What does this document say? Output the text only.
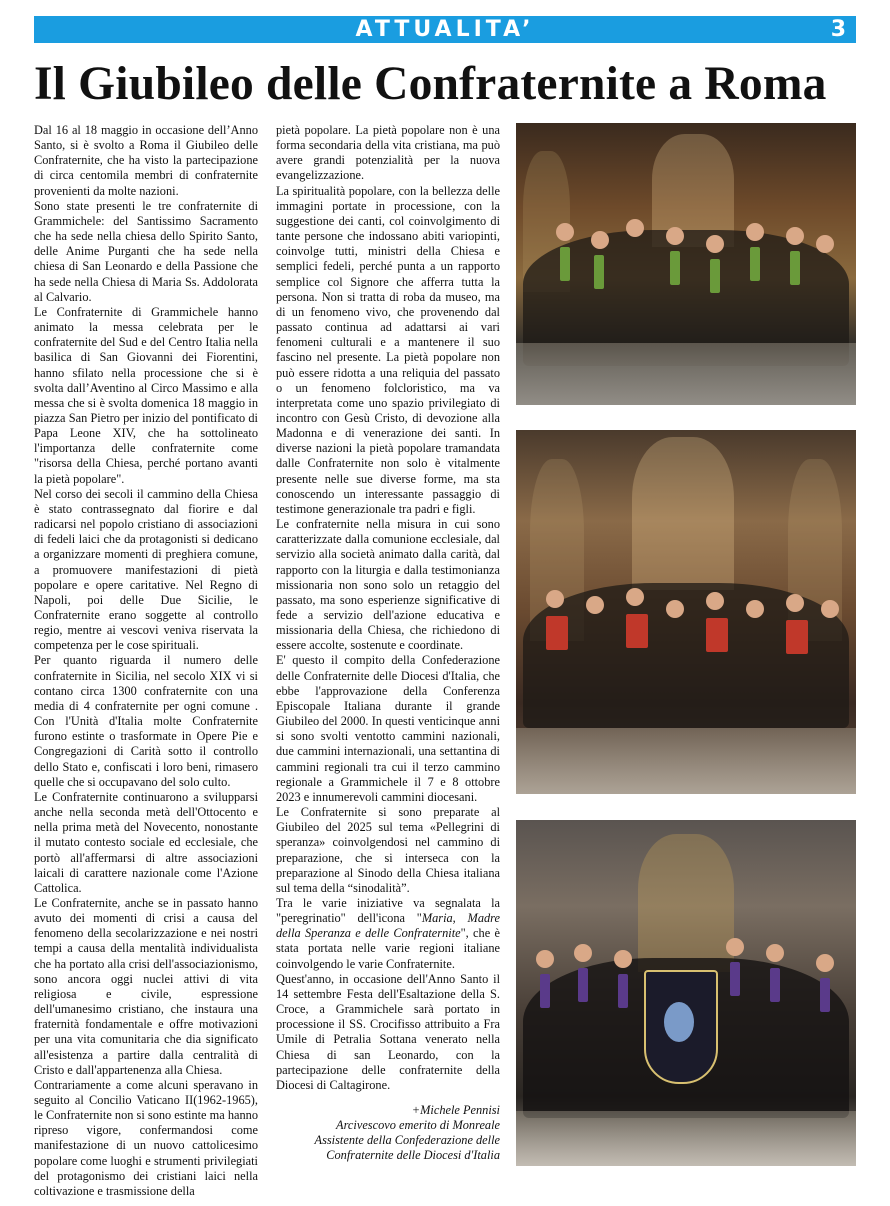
ATTUALITA’	3
Il Giubileo delle Confraternite a Roma

Dal 16 al 18 maggio in occasione dell’Anno Santo, si è svolto a Roma il Giubileo delle Confraternite, che ha visto la partecipazione di circa centomila membri di confraternite provenienti da molte nazioni.

Sono state presenti le tre confraternite di Grammichele: del Santissimo Sacramento che ha sede nella chiesa dello Spirito Santo, delle Anime Purganti che ha sede nella chiesa di San Leonardo e della Passione che ha sede nella Chiesa di Maria Ss. Addolorata al Calvario.

Le Confraternite di Grammichele hanno animato la messa celebrata per le confraternite del Sud e del Centro Italia nella basilica di San Giovanni dei Fiorentini, hanno sfilato nella processione che si è svolta dall’Aventino al Circo Massimo e alla messa che si è svolta domenica 18 maggio in piazza San Pietro per inizio del pontificato di Papa Leone XIV, che ha sottolineato l'importanza delle confraternite come "risorsa della Chiesa, perché portano avanti la pietà popolare".

Nel corso dei secoli il cammino della Chiesa è stato contrassegnato dal fiorire e dal radicarsi nel popolo cristiano di associazioni di fedeli laici che da protagonisti si dedicano a organizzare momenti di preghiera comune, a promuovere manifestazioni di pietà popolare e opere caritative. Nel Regno di Napoli, poi delle Due Sicilie, le Confraternite erano soggette al controllo regio, mentre ai vescovi veniva riservata la competenza per le cose spirituali.

Per quanto riguarda il numero delle confraternite in Sicilia, nel secolo XIX vi si contano circa 1300 confraternite con una media di 4 confraternite per ogni comune . Con l'Unità d'Italia molte Confraternite furono estinte o trasformate in Opere Pie e Congregazioni di Carità sotto il controllo dello Stato e, confiscati i loro beni, rimasero quelle che si occupavano del solo culto.

Le Confraternite continuarono a svilupparsi anche nella seconda metà dell'Ottocento e nella prima metà del Novecento, nonostante il mutato contesto sociale ed ecclesiale, che portò all'affermarsi di altre associazioni laicali di carattere nazionale come l'Azione Cattolica.

Le Confraternite, anche se in passato hanno avuto dei momenti di crisi a causa del fenomeno della secolarizzazione e nei nostri tempi a causa della mentalità individualista che ha portato alla crisi dell'associazionismo, sono ancora oggi nuclei attivi di vita religiosa e civile, espressione dell'umanesimo cristiano, che instaura una fraternità fondamentale e offre motivazioni per una vita comunitaria che dia significato all'esistenza a partire dalla centralità di Cristo e dall'appartenenza alla Chiesa.

Contrariamente a come alcuni speravano in seguito al Concilio Vaticano II(1962-1965), le Confraternite non si sono estinte ma hanno ripreso vigore, confermandosi come manifestazione di un nuovo cattolicesimo popolare come luoghi e strumenti privilegiati del protagonismo dei cristiani laici nella coltivazione e trasmissione della

pietà popolare. La pietà popolare non è una forma secondaria della vita cristiana, ma può avere grandi potenzialità per la nuova evangelizzazione.

La spiritualità popolare, con la bellezza delle immagini portate in processione, con la suggestione dei canti, col coinvolgimento di tante persone che indossano abiti variopinti, coinvolge tutti, ministri della Chiesa e semplici fedeli, perché punta a un rapporto semplice col Signore che afferra tutta la persona. Non si tratta di roba da museo, ma di un fenomeno vivo, che provenendo dal passato continua ad adattarsi ai vari fenomeni culturali e a mantenere il suo fascino nel presente. La pietà popolare non può essere ridotta a una reliquia del passato o un fenomeno folcloristico, ma va interpretata come uno spazio privilegiato di incontro con Gesù Cristo, di devozione alla Madonna e di venerazione dei santi. In diverse nazioni la pietà popolare tramandata dalle Confraternite non solo è vitalmente presente nelle sue diverse forme, ma sta conoscendo un interessante passaggio di testimone generazionale tra padri e figli.

Le confraternite nella misura in cui sono caratterizzate dalla comunione ecclesiale, dal servizio alla società animato dalla carità, dal rapporto con la liturgia e dalla testimonianza missionaria non sono solo un retaggio del passato, ma sono esperienze significative di fede a servizio dell'azione educativa e missionaria della Chiesa, che richiedono di essere accolte, sostenute e coordinate.

E' questo il compito della Confederazione delle Confraternite delle Diocesi d'Italia, che ebbe l'approvazione della Conferenza Episcopale Italiana durante il grande Giubileo del 2000. In questi venticinque anni si sono svolti ventotto cammini nazionali, due cammini internazionali, una settantina di cammini regionali tra cui il terzo cammino regionale a Grammichele il 7 e 8 ottobre 2023 e innumerevoli cammini diocesani.

Le Confraternite si sono preparate al Giubileo del 2025 sul tema «Pellegrini di speranza» coinvolgendosi nel cammino di preparazione, che si interseca con la preparazione al Sinodo della Chiesa italiana sul tema della “sinodalità”.

Tra le varie iniziative va segnalata la "peregrinatio" dell'icona "Maria, Madre della Speranza e delle Confraternite", che è stata portata nelle varie regioni italiane coinvolgendo le varie Confraternite.

Quest'anno, in occasione dell'Anno Santo il 14 settembre Festa dell'Esaltazione della S. Croce, a Grammichele sarà portato in processione il SS. Crocifisso attribuito a Fra Umile di Petralia Sottana venerato nella Chiesa di san Leonardo, con la partecipazione delle confraternite della Diocesi di Caltagirone.

+Michele Pennisi
Arcivescovo emerito di Monreale
Assistente della Confederazione delle
Confraternite delle Diocesi d'Italia
